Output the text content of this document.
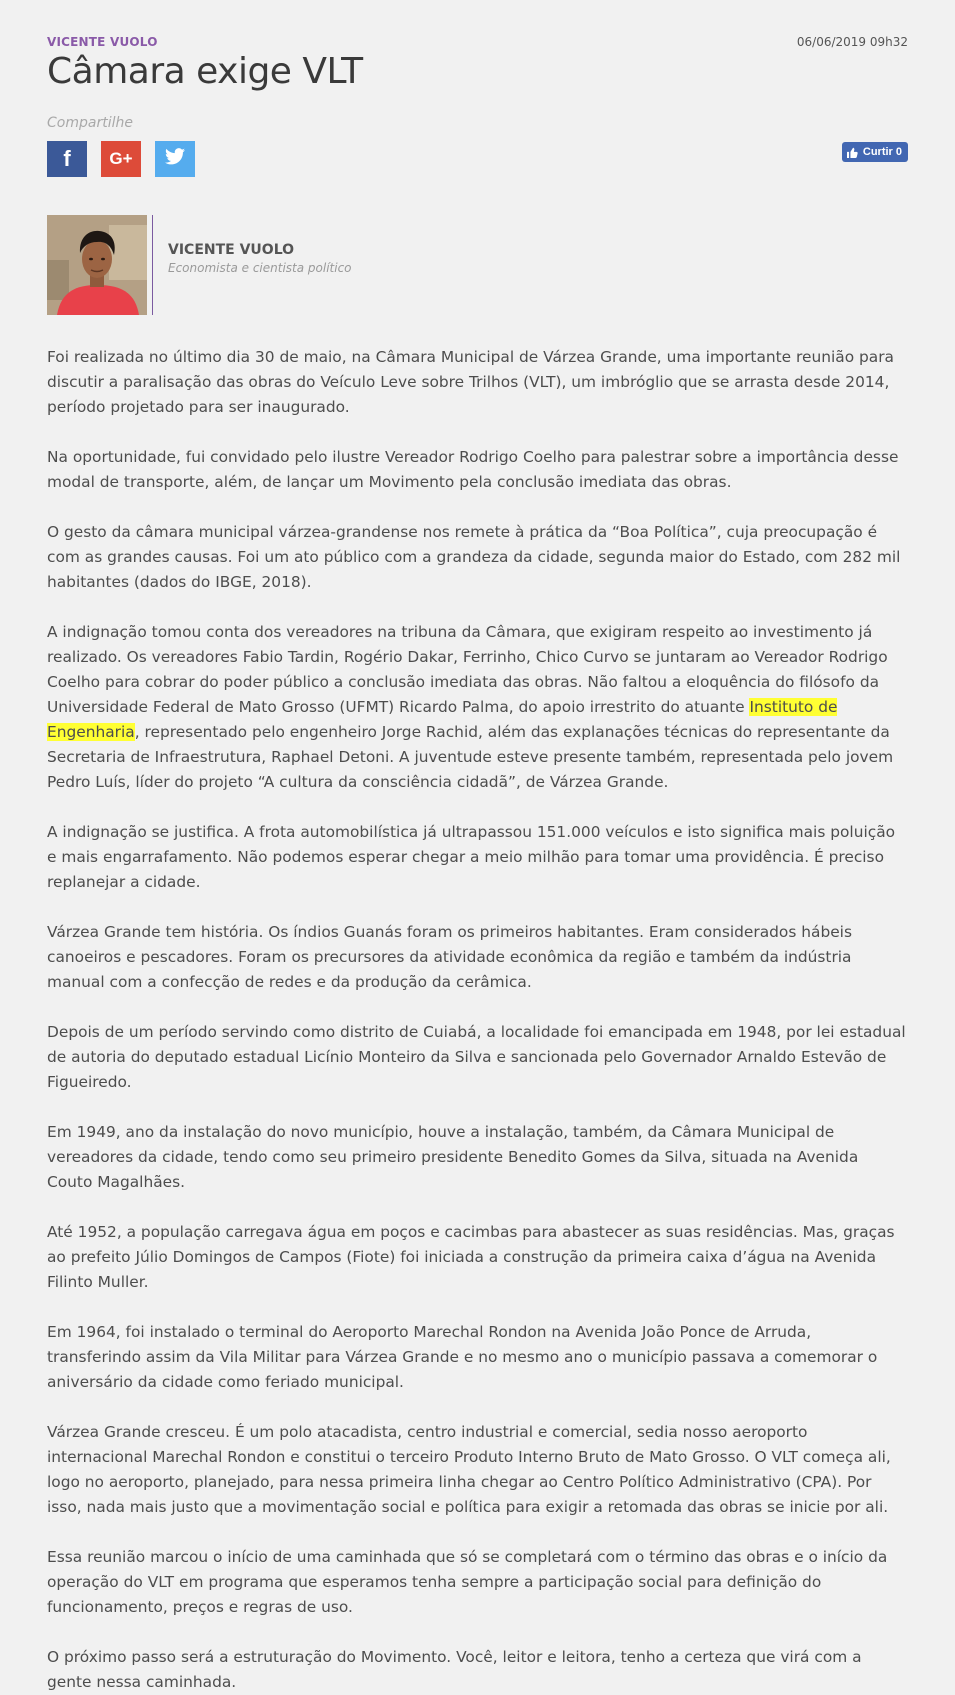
VICENTE VUOLO	06/06/2019 09h32
Câmara exige VLT
Compartilhe
f G+	Curtir 0
VICENTE VUOLO
Economista e cientista político

Foi realizada no último dia 30 de maio, na Câmara Municipal de Várzea Grande, uma importante reunião para discutir a paralisação das obras do Veículo Leve sobre Trilhos (VLT), um imbróglio que se arrasta desde 2014, período projetado para ser inaugurado.

Na oportunidade, fui convidado pelo ilustre Vereador Rodrigo Coelho para palestrar sobre a importância desse modal de transporte, além, de lançar um Movimento pela conclusão imediata das obras.

O gesto da câmara municipal várzea-grandense nos remete à prática da “Boa Política”, cuja preocupação é com as grandes causas. Foi um ato público com a grandeza da cidade, segunda maior do Estado, com 282 mil habitantes (dados do IBGE, 2018).

A indignação tomou conta dos vereadores na tribuna da Câmara, que exigiram respeito ao investimento já realizado. Os vereadores Fabio Tardin, Rogério Dakar, Ferrinho, Chico Curvo se juntaram ao Vereador Rodrigo Coelho para cobrar do poder público a conclusão imediata das obras. Não faltou a eloquência do filósofo da Universidade Federal de Mato Grosso (UFMT) Ricardo Palma, do apoio irrestrito do atuante Instituto de Engenharia, representado pelo engenheiro Jorge Rachid, além das explanações técnicas do representante da Secretaria de Infraestrutura, Raphael Detoni. A juventude esteve presente também, representada pelo jovem Pedro Luís, líder do projeto “A cultura da consciência cidadã”, de Várzea Grande.

A indignação se justifica. A frota automobilística já ultrapassou 151.000 veículos e isto significa mais poluição e mais engarrafamento. Não podemos esperar chegar a meio milhão para tomar uma providência. É preciso replanejar a cidade.

Várzea Grande tem história. Os índios Guanás foram os primeiros habitantes. Eram considerados hábeis canoeiros e pescadores. Foram os precursores da atividade econômica da região e também da indústria manual com a confecção de redes e da produção da cerâmica.

Depois de um período servindo como distrito de Cuiabá, a localidade foi emancipada em 1948, por lei estadual de autoria do deputado estadual Licínio Monteiro da Silva e sancionada pelo Governador Arnaldo Estevão de Figueiredo.

Em 1949, ano da instalação do novo município, houve a instalação, também, da Câmara Municipal de vereadores da cidade, tendo como seu primeiro presidente Benedito Gomes da Silva, situada na Avenida Couto Magalhães.

Até 1952, a população carregava água em poços e cacimbas para abastecer as suas residências. Mas, graças ao prefeito Júlio Domingos de Campos (Fiote) foi iniciada a construção da primeira caixa d’água na Avenida Filinto Muller.

Em 1964, foi instalado o terminal do Aeroporto Marechal Rondon na Avenida João Ponce de Arruda, transferindo assim da Vila Militar para Várzea Grande e no mesmo ano o município passava a comemorar o aniversário da cidade como feriado municipal.

Várzea Grande cresceu. É um polo atacadista, centro industrial e comercial, sedia nosso aeroporto internacional Marechal Rondon e constitui o terceiro Produto Interno Bruto de Mato Grosso. O VLT começa ali, logo no aeroporto, planejado, para nessa primeira linha chegar ao Centro Político Administrativo (CPA). Por isso, nada mais justo que a movimentação social e política para exigir a retomada das obras se inicie por ali.

Essa reunião marcou o início de uma caminhada que só se completará com o término das obras e o início da operação do VLT em programa que esperamos tenha sempre a participação social para definição do funcionamento, preços e regras de uso.

O próximo passo será a estruturação do Movimento. Você, leitor e leitora, tenho a certeza que virá com a gente nessa caminhada.
